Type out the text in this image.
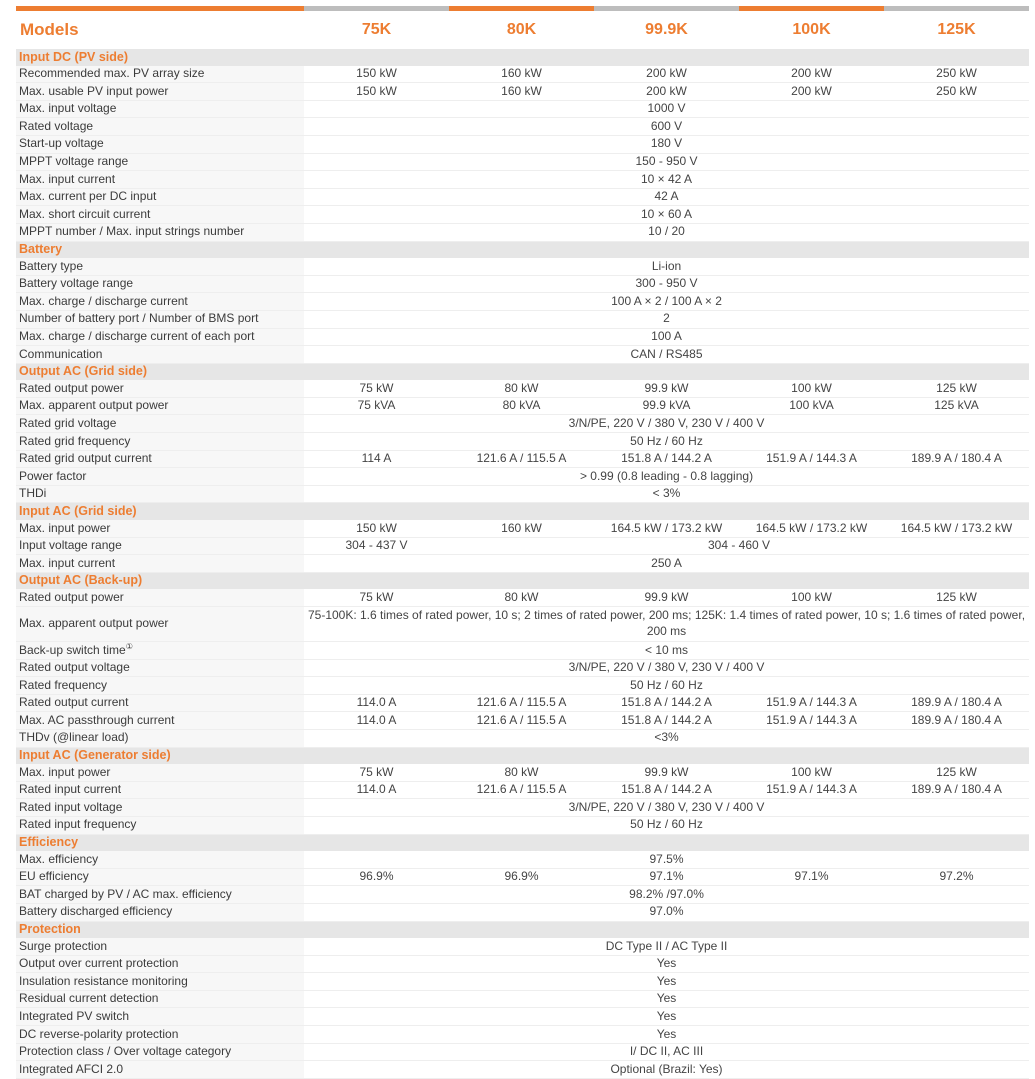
Models	75K	80K	99.9K	100K	125K
Input DC (PV side)					
Recommended max. PV array size	150 kW	160 kW	200 kW	200 kW	250 kW
Max. usable PV input power	150 kW	160 kW	200 kW	200 kW	250 kW
Max. input voltage	1000 V				
Rated voltage	600 V				
Start-up voltage	180 V				
MPPT voltage range	150 - 950 V				
Max. input current	10 × 42 A				
Max. current per DC input	42 A				
Max. short circuit current	10 × 60 A				
MPPT number / Max. input strings number	10 / 20				
Battery					
Battery type	Li-ion				
Battery voltage range	300 - 950 V				
Max. charge / discharge current	100 A × 2 / 100 A × 2				
Number of battery port / Number of BMS port	2				
Max. charge / discharge current of each port	100 A				
Communication	CAN / RS485				
Output AC (Grid side)					
Rated output power	75 kW	80 kW	99.9 kW	100 kW	125 kW
Max. apparent output power	75 kVA	80 kVA	99.9 kVA	100 kVA	125 kVA
Rated grid voltage	3/N/PE, 220 V / 380 V, 230 V / 400 V				
Rated grid frequency	50 Hz / 60 Hz				
Rated grid output current	114 A	121.6 A / 115.5 A	151.8 A / 144.2 A	151.9 A / 144.3 A	189.9 A / 180.4 A
Power factor	> 0.99 (0.8 leading - 0.8 lagging)				
THDi	< 3%				
Input AC (Grid side)					
Max. input power	150 kW	160 kW	164.5 kW / 173.2 kW	164.5 kW / 173.2 kW	164.5 kW / 173.2 kW
Input voltage range	304 - 437 V	304 - 460 V			
Max. input current	250 A				
Output AC (Back-up)					
Rated output power	75 kW	80 kW	99.9 kW	100 kW	125 kW
Max. apparent output power	75-100K: 1.6 times of rated power, 10 s; 2 times of rated power, 200 ms; 125K: 1.4 times of rated power, 10 s; 1.6 times of rated power, 200 ms				
Back-up switch time①	< 10 ms				
Rated output voltage	3/N/PE, 220 V / 380 V, 230 V / 400 V				
Rated frequency	50 Hz / 60 Hz				
Rated output current	114.0 A	121.6 A / 115.5 A	151.8 A / 144.2 A	151.9 A / 144.3 A	189.9 A / 180.4 A
Max. AC passthrough current	114.0 A	121.6 A / 115.5 A	151.8 A / 144.2 A	151.9 A / 144.3 A	189.9 A / 180.4 A
THDv (@linear load)	<3%				
Input AC (Generator side)					
Max. input power	75 kW	80 kW	99.9 kW	100 kW	125 kW
Rated input current	114.0 A	121.6 A / 115.5 A	151.8 A / 144.2 A	151.9 A / 144.3 A	189.9 A / 180.4 A
Rated input voltage	3/N/PE, 220 V / 380 V, 230 V / 400 V				
Rated input frequency	50 Hz / 60 Hz				
Efficiency					
Max. efficiency	97.5%				
EU efficiency	96.9%	96.9%	97.1%	97.1%	97.2%
BAT charged by PV / AC max. efficiency	98.2% /97.0%				
Battery discharged efficiency	97.0%				
Protection					
Surge protection	DC Type II / AC Type II				
Output over current protection	Yes				
Insulation resistance monitoring	Yes				
Residual current detection	Yes				
Integrated PV switch	Yes				
DC reverse-polarity protection	Yes				
Protection class / Over voltage category	I/ DC II, AC III				
Integrated AFCI 2.0	Optional (Brazil: Yes)				
